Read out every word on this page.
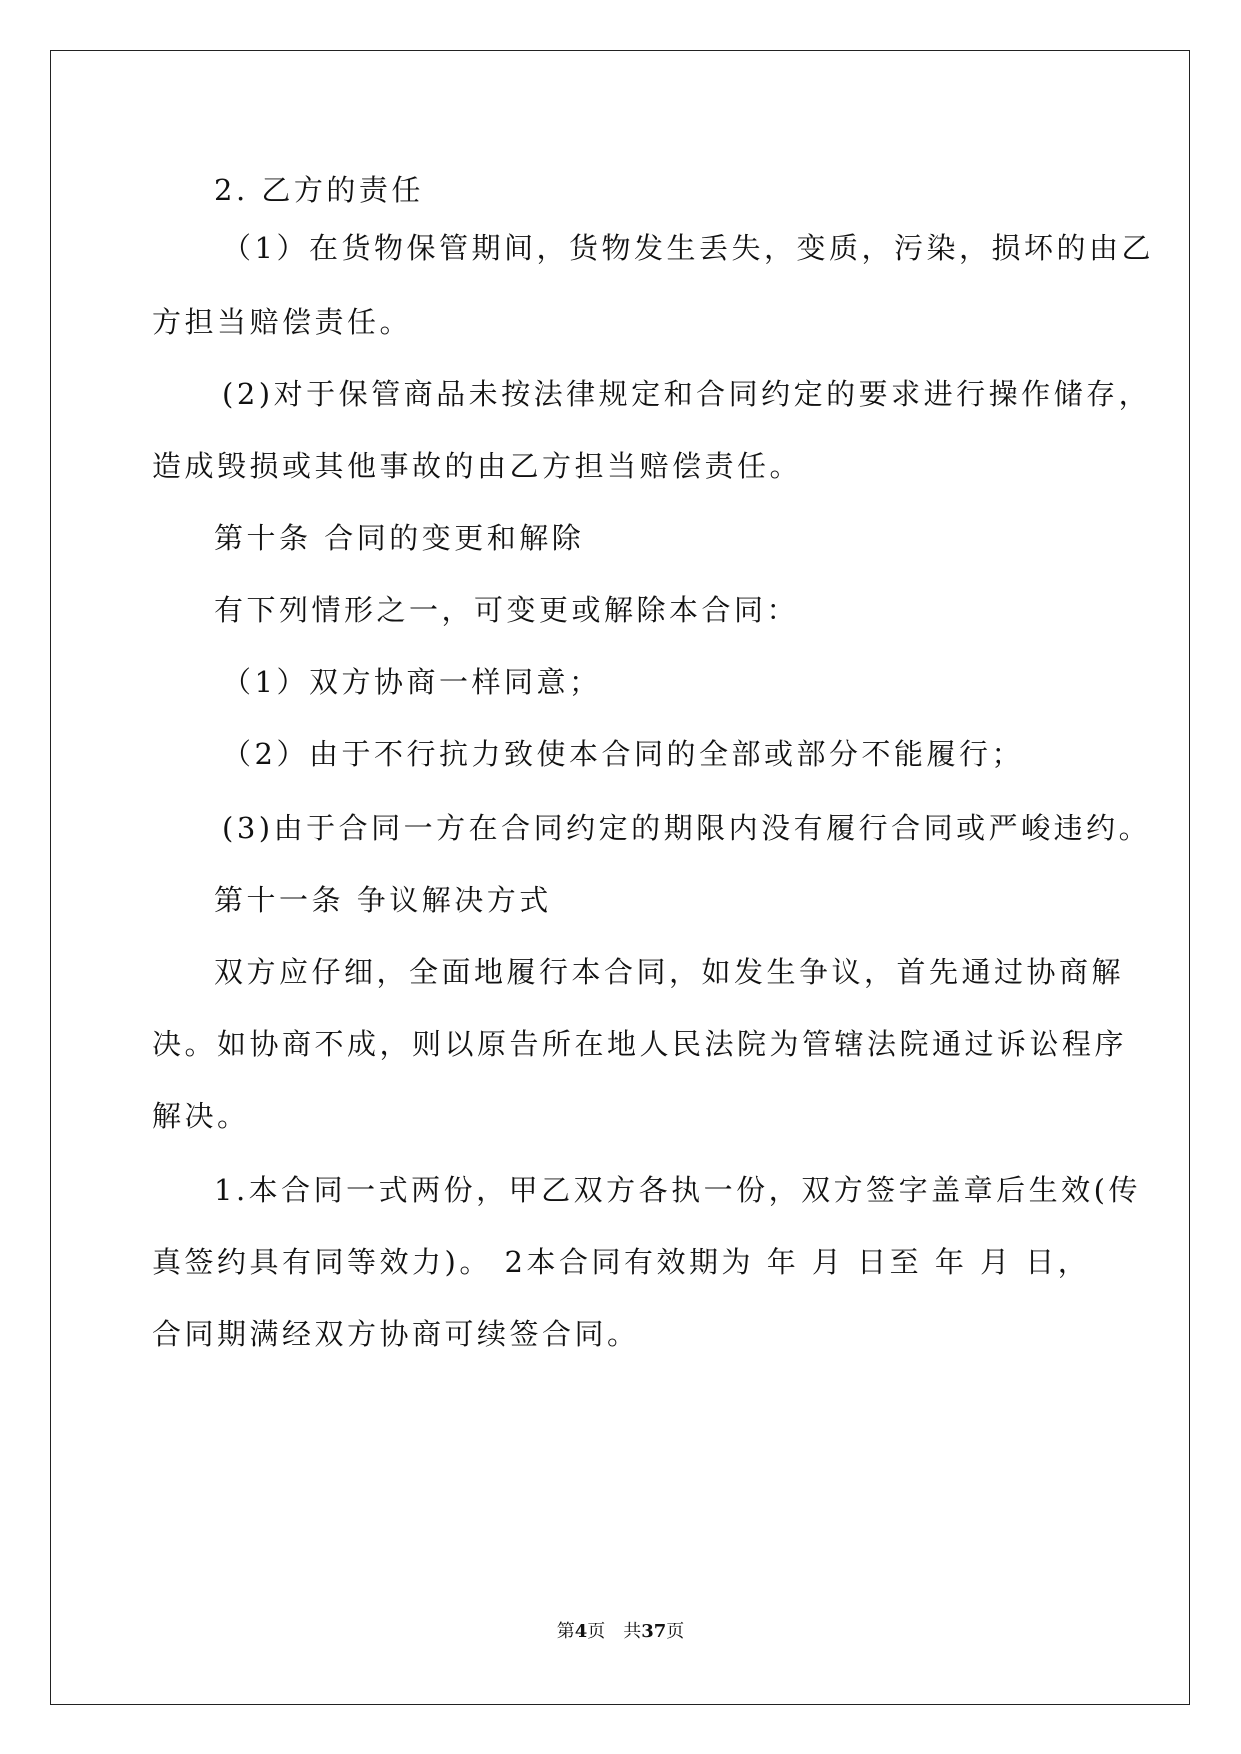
2. 乙方的责任
（1）在货物保管期间，货物发生丢失，变质，污染，损坏的由乙
方担当赔偿责任。
(2)对于保管商品未按法律规定和合同约定的要求进行操作储存，
造成毁损或其他事故的由乙方担当赔偿责任。
第十条 合同的变更和解除
有下列情形之一，可变更或解除本合同：
（1）双方协商一样同意；
（2）由于不行抗力致使本合同的全部或部分不能履行；
(3)由于合同一方在合同约定的期限内没有履行合同或严峻违约。
第十一条 争议解决方式
双方应仔细，全面地履行本合同，如发生争议，首先通过协商解
决。如协商不成，则以原告所在地人民法院为管辖法院通过诉讼程序
解决。
1.本合同一式两份，甲乙双方各执一份，双方签字盖章后生效(传
真签约具有同等效力)。 2本合同有效期为 年 月 日至 年 月 日，
合同期满经双方协商可续签合同。
第4页　共37页
